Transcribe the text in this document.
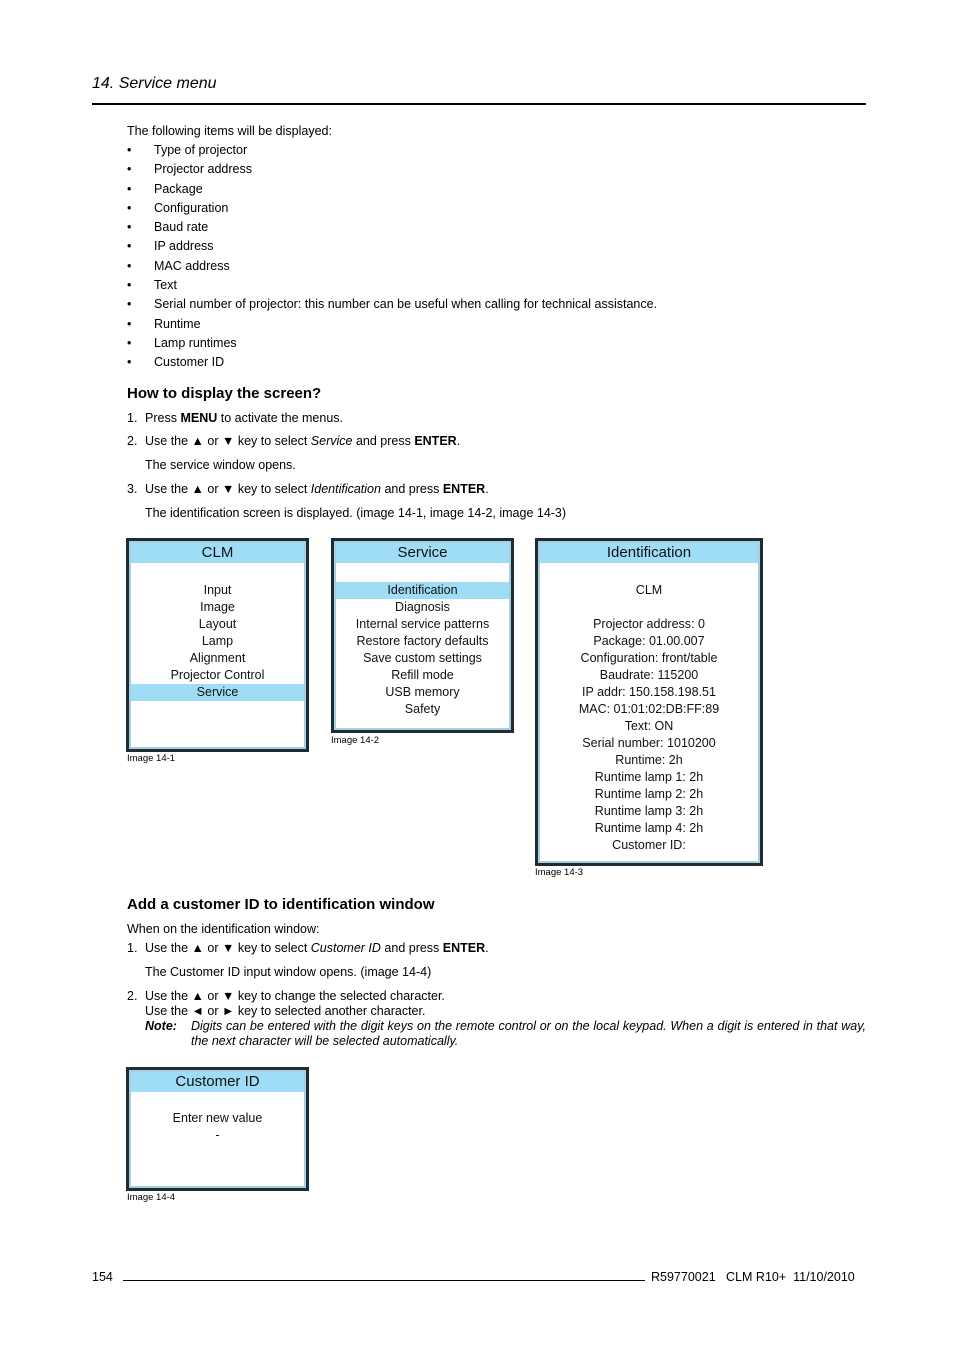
14. Service menu
The following items will be displayed:
• Type of projector
• Projector address
• Package
• Configuration
• Baud rate
• IP address
• MAC address
• Text
• Serial number of projector: this number can be useful when calling for technical assistance.
• Runtime
• Lamp runtimes
• Customer ID
How to display the screen?
1. Press MENU to activate the menus.
2. Use the ▲ or ▼ key to select Service and press ENTER.
The service window opens.
3. Use the ▲ or ▼ key to select Identification and press ENTER.
The identification screen is displayed. (image 14-1, image 14-2, image 14-3)
CLM
Input
Image
Layout
Lamp
Alignment
Projector Control
Service
Image 14-1
Service
Identification
Diagnosis
Internal service patterns
Restore factory defaults
Save custom settings
Refill mode
USB memory
Safety
Image 14-2
Identification
CLM
Projector address: 0
Package: 01.00.007
Configuration: front/table
Baudrate: 115200
IP addr: 150.158.198.51
MAC: 01:01:02:DB:FF:89
Text: ON
Serial number: 1010200
Runtime: 2h
Runtime lamp 1: 2h
Runtime lamp 2: 2h
Runtime lamp 3: 2h
Runtime lamp 4: 2h
Customer ID:
Image 14-3
Add a customer ID to identification window
When on the identification window:
1. Use the ▲ or ▼ key to select Customer ID and press ENTER.
The Customer ID input window opens. (image 14-4)
2. Use the ▲ or ▼ key to change the selected character.
Use the ◄ or ► key to selected another character.
Note: Digits can be entered with the digit keys on the remote control or on the local keypad. When a digit is entered in that way, the next character will be selected automatically.
Customer ID
Enter new value
-
Image 14-4
154	R59770021   CLM R10+  11/10/2010
